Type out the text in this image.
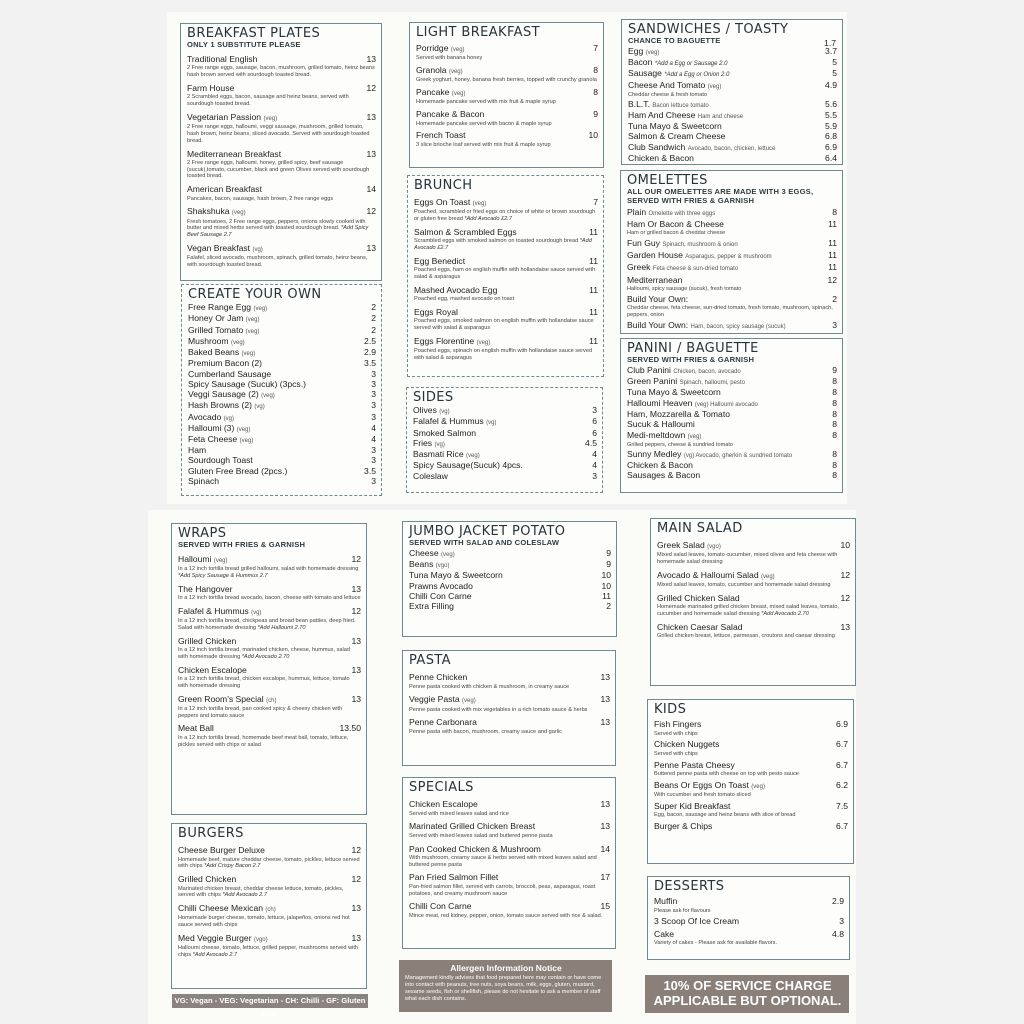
BREAKFAST PLATES
ONLY 1 SUBSTITUTE PLEASE
Traditional English	13
2 Free range eggs, sausage, bacon, mushroom, grilled tomato, heinz beans hash brown served with sourdough toasted bread.
Farm House	12
2 Scrambled eggs, bacon, sausage and heinz beans, served with sourdough toasted bread.
Vegetarian Passion (veg)	13
2 Free range eggs, halloumi, veggi sausage, mushroom, grilled tomato, hash brown, heinz beans, sliced avocado. Served with sourdough toasted bread.
Mediterranean Breakfast	13
2 Free range eggs, halloumi, honey, grilled spicy, beef sausage (sucuk),tomato, cucumber, black and green Olives served with sourdough toasted bread.
American Breakfast	14
Pancakes, bacon, sausage, hash brown, 2 free range eggs
Shakshuka (veg)	12
Fresh tomatoes, 2 Free range eggs, peppers, onions slowly cooked with butter and mixed herbs served with toasted sourdough bread. *Add Spicy Beef Sausage 2.7
Vegan Breakfast (vg)	13
Falafel, sliced avocado, mushroom, spinach, grilled tomato, heinz beans, with sourdough toasted bread.
CREATE YOUR OWN
Free Range Egg (veg)	2
Honey Or Jam (veg)	2
Grilled Tomato (veg)	2
Mushroom (veg)	2.5
Baked Beans (veg)	2.9
Premium Bacon (2)	3.5
Cumberland Sausage	3
Spicy Sausage (Sucuk) (3pcs.)	3
Veggi Sausage (2) (veg)	3
Hash Browns (2) (vg)	3
Avocado (vg)	3
Halloumi (3) (veg)	4
Feta Cheese (veg)	4
Ham	3
Sourdough Toast	3
Gluten Free Bread (2pcs.)	3.5
Spinach	3
LIGHT BREAKFAST
Porridge (veg)	7
Served with banana honey
Granola (veg)	8
Greek yoghurt, honey, banana fresh berries, topped with crunchy granola
Pancake (veg)	8
Homemade pancake served with mix fruit & maple syrup
Pancake & Bacon	9
Homemade pancake served with bacon & maple syrup
French Toast	10
3 slice brioche loaf served with mix fruit & maple syrup
BRUNCH
Eggs On Toast (veg)	7
Poached, scrambled or fried eggs on choice of white or brown sourdough or gluten free bread *Add Avocado £2.7
Salmon & Scrambled Eggs	11
Scrambled eggs with smoked salmon on toasted sourdough bread *Add Avocado £2.7
Egg Benedict	11
Poached eggs, ham on english muffin with hollandaise sauce served with salad & asparagus
Mashed Avocado Egg	11
Poached egg, mashed avocado on toast
Eggs Royal	11
Poached eggs, smoked salmon on english muffin with hollandaise sauce served with salad & asparagus
Eggs Florentine (veg)	11
Poached eggs, spinach on english muffin with hollandaise sauce served with salad & asparagus
SIDES
Olives (vg)	3
Falafel & Hummus (vg)	6
Smoked Salmon	6
Fries (vg)	4.5
Basmati Rice (veg)	4
Spicy Sausage(Sucuk) 4pcs.	4
Coleslaw	3
SANDWICHES / TOASTY
CHANCE TO BAGUETTE	1.7
Egg (veg)	3.7
Bacon *Add a Egg or Sausage 2.0	5
Sausage *Add a Egg or Onion 2.0	5
Cheese And Tomato (veg)	4.9
Cheddar cheese & fresh tomato
B.L.T. Bacon lettuce tomato	5.6
Ham And Cheese Ham and cheese	5.5
Tuna Mayo & Sweetcorn	5.9
Salmon & Cream Cheese	6.8
Club Sandwich Avocado, bacon, chicken, lettuce	6.9
Chicken & Bacon	6.4
OMELETTES
ALL OUR OMELETTES ARE MADE WITH 3 EGGS, SERVED WITH FRIES & GARNISH
Plain Omelette with three eggs	8
Ham Or Bacon & Cheese	11
Ham or grilled bacon & cheddar cheese
Fun Guy Spinach, mushroom & onion	11
Garden House Asparagus, pepper & mushroom	11
Greek Feta cheese & sun-dried tomato	11
Mediterranean	12
Halloumi, spicy sausage (sucuk), fresh tomato
Build Your Own:	2
Cheddar cheese, feta cheese, sun-dried tomato, fresh tomato, mushroom, spinach, peppers, onion
Build Your Own: Ham, bacon, spicy sausage (sucuk)	3
PANINI / BAGUETTE
SERVED WITH FRIES & GARNISH
Club Panini Chicken, bacon, avocado	9
Green Panini Spinach, halloumi, pesto	8
Tuna Mayo & Sweetcorn	8
Halloumi Heaven (veg) Halloumi avocado	8
Ham, Mozzarella & Tomato	8
Sucuk & Halloumi	8
Medi-meltdown (veg)	8
Grilled peppers, cheese & sundried tomato
Sunny Medley (vg) Avocado, gherkin & sundried tomato	8
Chicken & Bacon	8
Sausages & Bacon	8
WRAPS
SERVED WITH FRIES & GARNISH
Halloumi (veg)	12
In a 12 inch tortilla bread grilled halloumi, salad with homemade dressing *Add Spicy Sausage & Hummus 2.7
The Hangover	13
In a 12 inch tortilla bread avocado, bacon, cheese with tomato and lettuce
Falafel & Hummus (vg)	12
In a 12 inch tortilla bread, chickpeas and broad bean patties, deep fried. Salad with homemade dressing *Add Halloumi 2.70
Grilled Chicken	13
In a 12 inch tortilla bread, marinated chicken, cheese, hummus, salad with homemade dressing *Add Avocado 2.70
Chicken Escalope	13
In a 12 inch tortilla bread, chicken escalope, hummus, lettuce, tomato with homemade dressing
Green Room's Special (ch)	13
In a 12 inch tortilla bread, pan cooked spicy & cheesy chicken with peppers and tomato sauce
Meat Ball	13.50
In a 12 inch tortilla bread, homemade beef meat ball, tomato, lettuce, pickles served with chips or salad
BURGERS
Cheese Burger Deluxe	12
Homemade beef, mature cheddar cheese, tomato, pickles, lettuce served with chips *Add Crispy Bacon 2.7
Grilled Chicken	12
Marinated chicken breast, cheddar cheese lettuce, tomato, pickles, served with chips *Add Avocado 2.7
Chilli Cheese Mexican (ch)	13
Homemade burger cheese, tomato, lettuce, jalapeños, onions red hot sauce served with chips
Med Veggie Burger (vgo)	13
Halloumi cheese, tomato, lettuce, grilled pepper, mushrooms served with chips *Add Avocado 2.7
JUMBO JACKET POTATO
SERVED WITH SALAD AND COLESLAW
Cheese (veg)	9
Beans (vgo)	9
Tuna Mayo & Sweetcorn	10
Prawns Avocado	10
Chilli Con Carne	11
Extra Filling	2
PASTA
Penne Chicken	13
Penne pasta cooked with chicken & mushroom, in creamy sauce
Veggie Pasta (veg)	13
Penne pasta cooked with mix vegetables in a rich tomato sauce & herbs
Penne Carbonara	13
Penne pasta with bacon, mushroom, creamy sauce and garlic
SPECIALS
Chicken Escalope	13
Served with mixed leaves salad and rice
Marinated Grilled Chicken Breast	13
Served with mixed leaves salad and buttered penne pasta
Pan Cooked Chicken & Mushroom	14
With mushroom, creamy sauce & herbs served with mixed leaves salad and buttered penne pasta
Pan Fried Salmon Fillet	17
Pan-fried salmon fillet, served with carrots, broccoli, peas, asparagus, roast potatoes, and creamy mushroom sauce
Chilli Con Carne	15
Mince meat, red kidney, pepper, onion, tomato sauce served with rice & salad.
Allergen Information Notice

Management kindly advises that food prepared here may contain or have come into contact with peanuts, tree nuts, soya beans, milk, eggs, gluten, mustard, sesame seeds, fish or shellfish, please do not hesitate to ask a member of staff what each dish contains.

MAIN SALAD
Greek Salad (vgo)	10
Mixed salad leaves, tomato cucumber, mixed olives and feta cheese with homemade salad dressing
Avocado & Halloumi Salad (veg)	12
Mixed salad leaves, tomato, cucumber and homemade salad dressing
Grilled Chicken Salad	12
Homemade marinated grilled chicken breast, mixed salad leaves, tomato, cucumber and homemade salad dressing *Add Avocado 2.70
Chicken Caesar Salad	13
Grilled chicken breast, lettuce, parmesan, croutons and caesar dressing
KIDS
Fish Fingers	6.9
Served with chips
Chicken Nuggets	6.7
Served with chips
Penne Pasta Cheesy	6.7
Buttered penne pasta with cheese on top with pesto sauce
Beans Or Eggs On Toast (veg)	6.2
With cucumber and fresh tomato sliced
Super Kid Breakfast	7.5
Egg, bacon, sausage and heinz beans with slice of bread
Burger & Chips	6.7
DESSERTS
Muffin	2.9
Please ask for flavours
3 Scoop Of Ice Cream	3
Cake	4.8
Variety of cakes - Please ask for available flavors.
10% OF SERVICE CHARGE APPLICABLE BUT OPTIONAL.
VG: Vegan - VEG: Vegetarian - CH: Chilli - GF: Gluten Free
